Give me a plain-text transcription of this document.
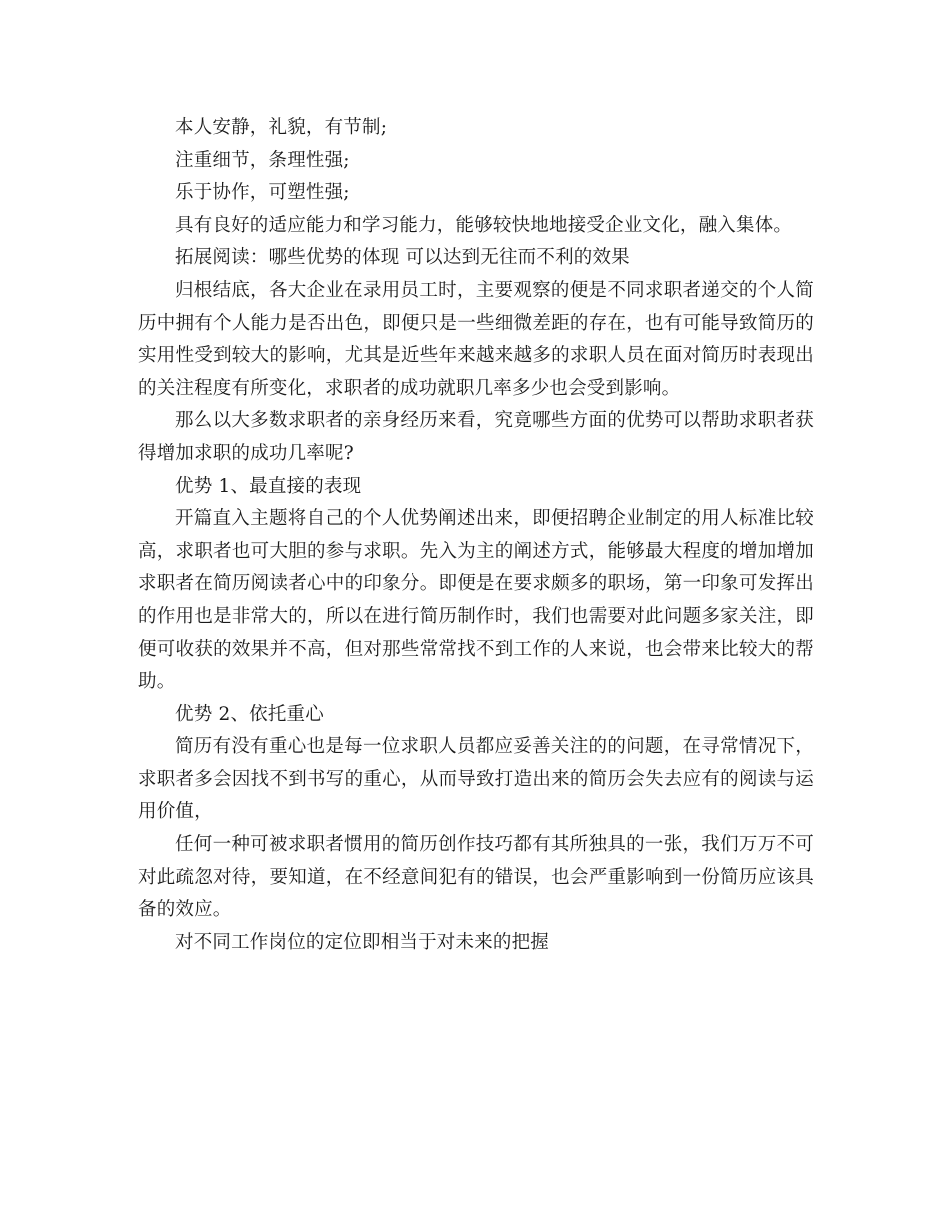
本人安静，礼貌，有节制;

注重细节，条理性强;

乐于协作，可塑性强;

具有良好的适应能力和学习能力，能够较快地地接受企业文化，融入集体。

拓展阅读：哪些优势的体现 可以达到无往而不利的效果

归根结底，各大企业在录用员工时，主要观察的便是不同求职者递交的个人简历中拥有个人能力是否出色，即便只是一些细微差距的存在，也有可能导致简历的实用性受到较大的影响，尤其是近些年来越来越多的求职人员在面对简历时表现出的关注程度有所变化，求职者的成功就职几率多少也会受到影响。

那么以大多数求职者的亲身经历来看，究竟哪些方面的优势可以帮助求职者获得增加求职的成功几率呢?

优势 1、最直接的表现

开篇直入主题将自己的个人优势阐述出来，即便招聘企业制定的用人标准比较高，求职者也可大胆的参与求职。先入为主的阐述方式，能够最大程度的增加增加求职者在简历阅读者心中的印象分。即便是在要求颇多的职场，第一印象可发挥出的作用也是非常大的，所以在进行简历制作时，我们也需要对此问题多家关注，即便可收获的效果并不高，但对那些常常找不到工作的人来说，也会带来比较大的帮助。

优势 2、依托重心

简历有没有重心也是每一位求职人员都应妥善关注的的问题，在寻常情况下，求职者多会因找不到书写的重心，从而导致打造出来的简历会失去应有的阅读与运用价值，

任何一种可被求职者惯用的简历创作技巧都有其所独具的一张，我们万万不可对此疏忽对待，要知道，在不经意间犯有的错误，也会严重影响到一份简历应该具备的效应。

对不同工作岗位的定位即相当于对未来的把握
